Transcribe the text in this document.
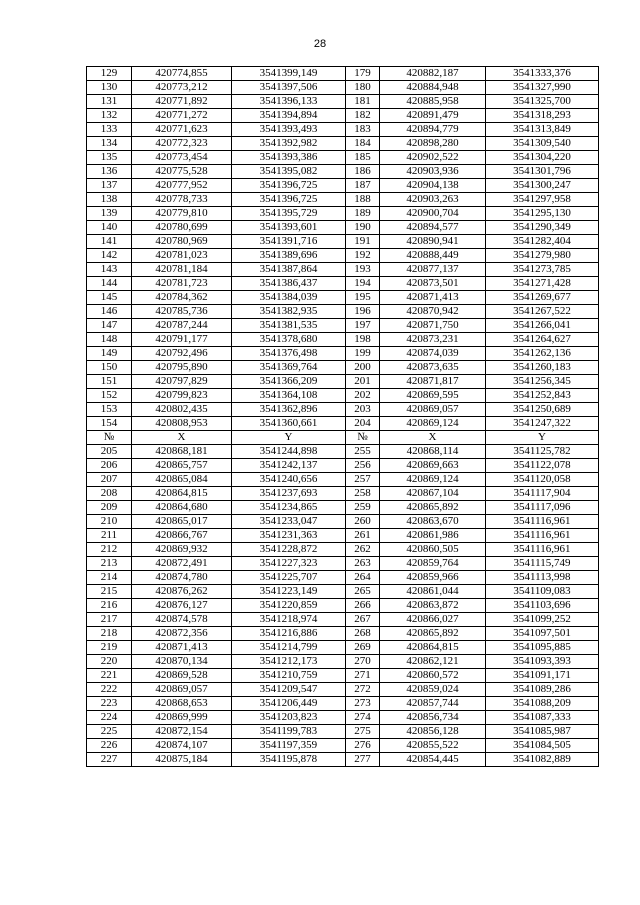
28
129	420774,855	3541399,149	179	420882,187	3541333,376
130	420773,212	3541397,506	180	420884,948	3541327,990
131	420771,892	3541396,133	181	420885,958	3541325,700
132	420771,272	3541394,894	182	420891,479	3541318,293
133	420771,623	3541393,493	183	420894,779	3541313,849
134	420772,323	3541392,982	184	420898,280	3541309,540
135	420773,454	3541393,386	185	420902,522	3541304,220
136	420775,528	3541395,082	186	420903,936	3541301,796
137	420777,952	3541396,725	187	420904,138	3541300,247
138	420778,733	3541396,725	188	420903,263	3541297,958
139	420779,810	3541395,729	189	420900,704	3541295,130
140	420780,699	3541393,601	190	420894,577	3541290,349
141	420780,969	3541391,716	191	420890,941	3541282,404
142	420781,023	3541389,696	192	420888,449	3541279,980
143	420781,184	3541387,864	193	420877,137	3541273,785
144	420781,723	3541386,437	194	420873,501	3541271,428
145	420784,362	3541384,039	195	420871,413	3541269,677
146	420785,736	3541382,935	196	420870,942	3541267,522
147	420787,244	3541381,535	197	420871,750	3541266,041
148	420791,177	3541378,680	198	420873,231	3541264,627
149	420792,496	3541376,498	199	420874,039	3541262,136
150	420795,890	3541369,764	200	420873,635	3541260,183
151	420797,829	3541366,209	201	420871,817	3541256,345
152	420799,823	3541364,108	202	420869,595	3541252,843
153	420802,435	3541362,896	203	420869,057	3541250,689
154	420808,953	3541360,661	204	420869,124	3541247,322
№	X	Y	№	X	Y
205	420868,181	3541244,898	255	420868,114	3541125,782
206	420865,757	3541242,137	256	420869,663	3541122,078
207	420865,084	3541240,656	257	420869,124	3541120,058
208	420864,815	3541237,693	258	420867,104	3541117,904
209	420864,680	3541234,865	259	420865,892	3541117,096
210	420865,017	3541233,047	260	420863,670	3541116,961
211	420866,767	3541231,363	261	420861,986	3541116,961
212	420869,932	3541228,872	262	420860,505	3541116,961
213	420872,491	3541227,323	263	420859,764	3541115,749
214	420874,780	3541225,707	264	420859,966	3541113,998
215	420876,262	3541223,149	265	420861,044	3541109,083
216	420876,127	3541220,859	266	420863,872	3541103,696
217	420874,578	3541218,974	267	420866,027	3541099,252
218	420872,356	3541216,886	268	420865,892	3541097,501
219	420871,413	3541214,799	269	420864,815	3541095,885
220	420870,134	3541212,173	270	420862,121	3541093,393
221	420869,528	3541210,759	271	420860,572	3541091,171
222	420869,057	3541209,547	272	420859,024	3541089,286
223	420868,653	3541206,449	273	420857,744	3541088,209
224	420869,999	3541203,823	274	420856,734	3541087,333
225	420872,154	3541199,783	275	420856,128	3541085,987
226	420874,107	3541197,359	276	420855,522	3541084,505
227	420875,184	3541195,878	277	420854,445	3541082,889
